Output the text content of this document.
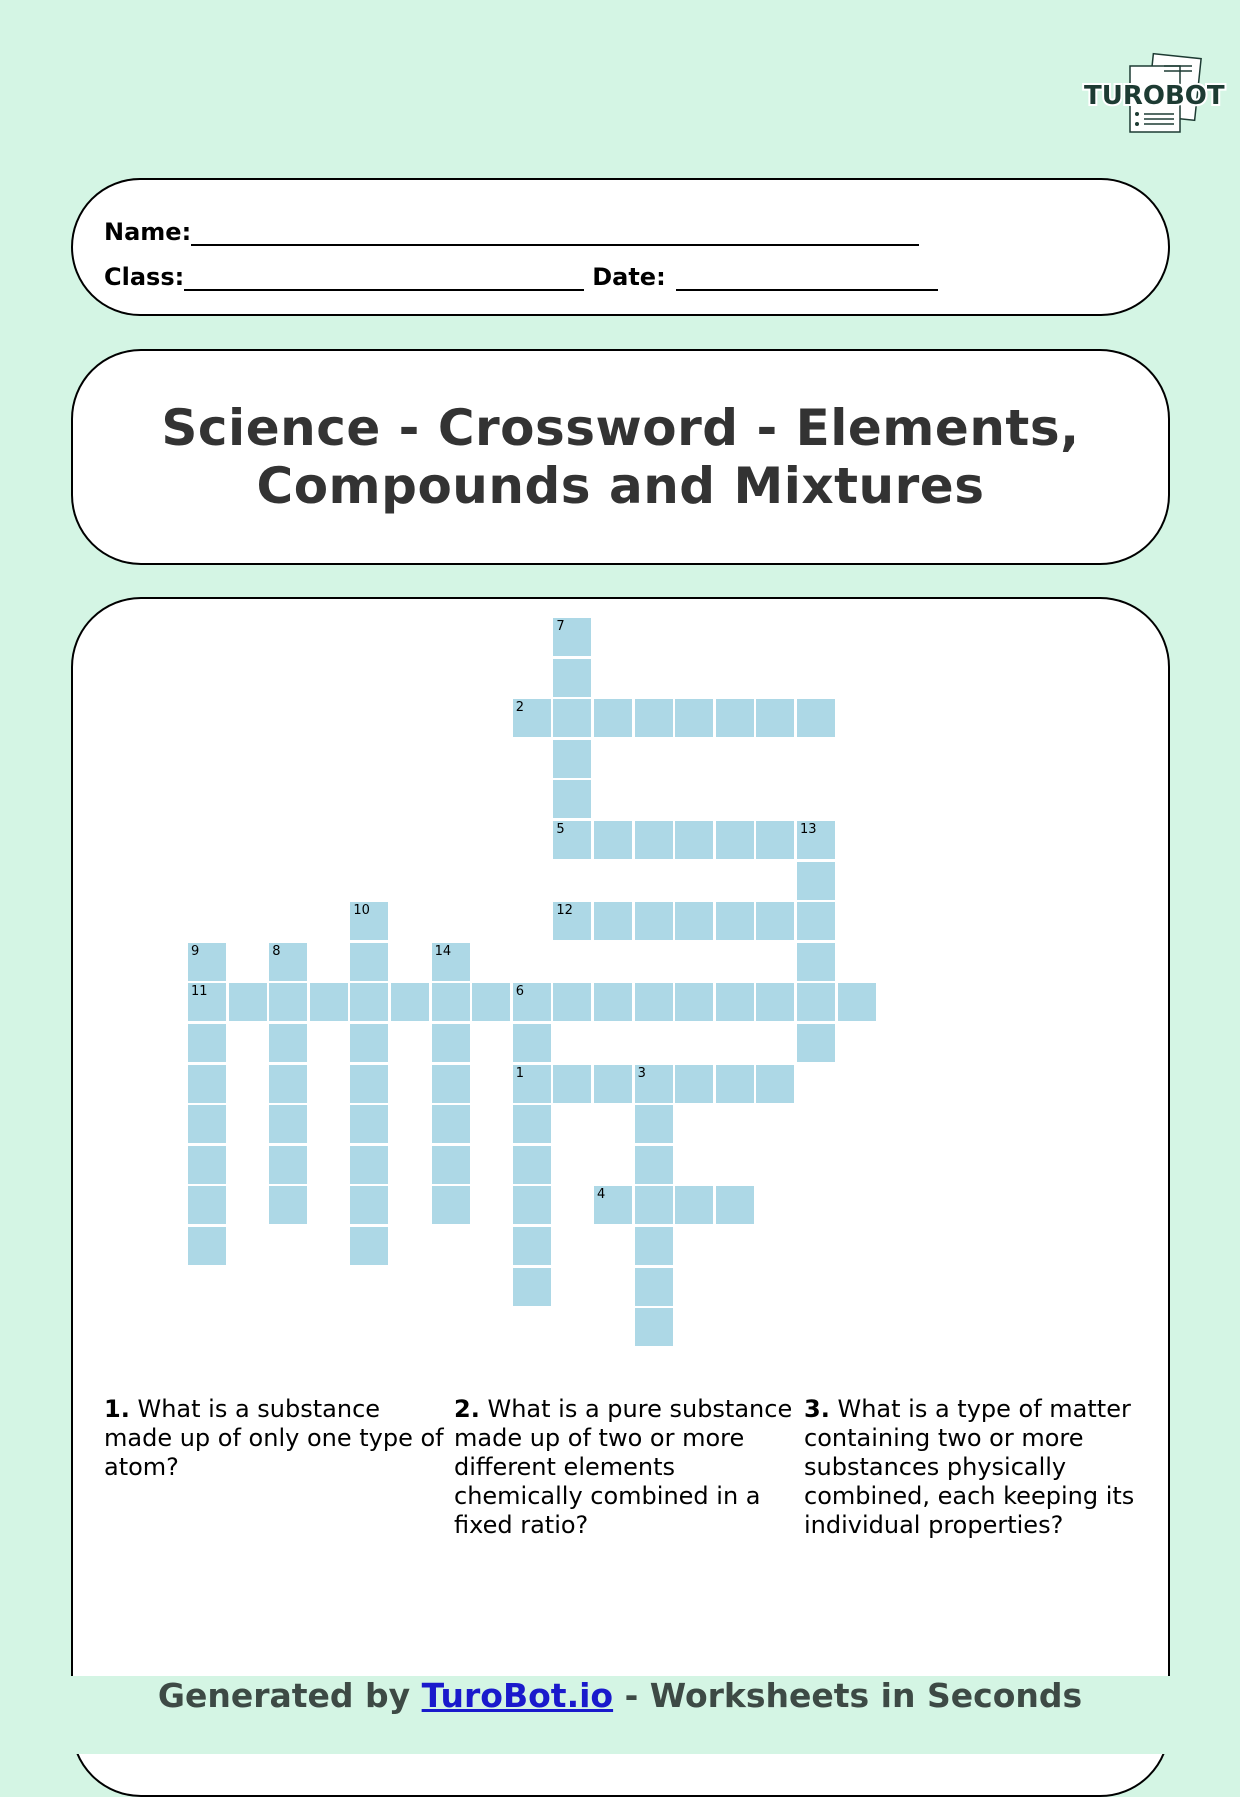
TUROBOT
Name:
Class:	Date:
Science - Crossword - Elements,
Compounds and Mixtures
7
2
5	13
10	12
9	8	14
11	6
1	3
4
1. What is a substance made up of only one type of atom?
2. What is a pure substance made up of two or more different elements chemically combined in a fixed ratio?
3. What is a type of matter containing two or more substances physically combined, each keeping its individual properties?
Generated by TuroBot.io - Worksheets in Seconds
